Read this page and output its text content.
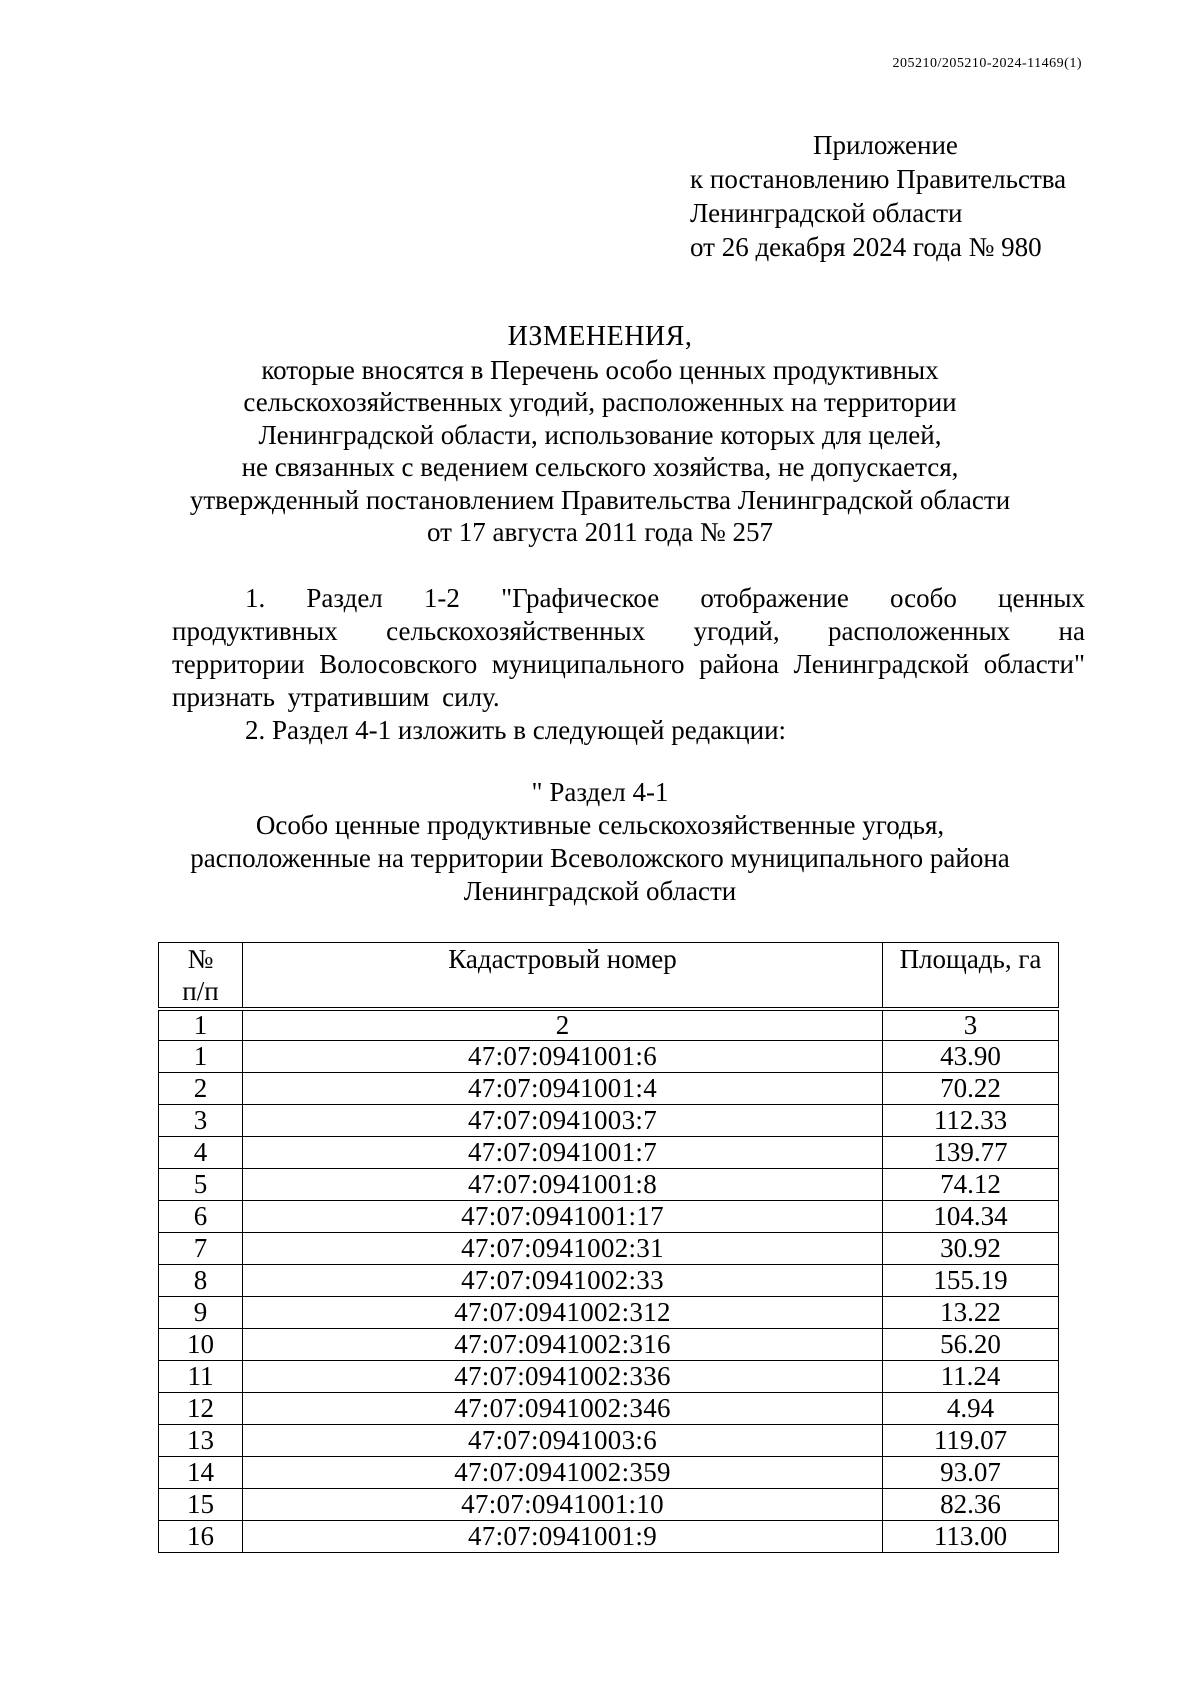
205210/205210-2024-11469(1)
Приложение
к постановлению Правительства
Ленинградской области
от 26 декабря 2024 года № 980
ИЗМЕНЕНИЯ,
которые вносятся в Перечень особо ценных продуктивных
сельскохозяйственных угодий, расположенных на территории
Ленинградской области, использование которых для целей,
не связанных с ведением сельского хозяйства, не допускается,
утвержденный постановлением Правительства Ленинградской области
от 17 августа 2011 года № 257
1. Раздел 1-2 "Графическое отображение особо ценных продуктивных сельскохозяйственных угодий, расположенных на территории Волосовского муниципального района Ленинградской области" признать утратившим силу.
2. Раздел 4-1 изложить в следующей редакции:
" Раздел 4-1
Особо ценные продуктивные сельскохозяйственные угодья,
расположенные на территории Всеволожского муниципального района
Ленинградской области
№
п/п	Кадастровый номер	Площадь, га
1	2	3
1	47:07:0941001:6	43.90
2	47:07:0941001:4	70.22
3	47:07:0941003:7	112.33
4	47:07:0941001:7	139.77
5	47:07:0941001:8	74.12
6	47:07:0941001:17	104.34
7	47:07:0941002:31	30.92
8	47:07:0941002:33	155.19
9	47:07:0941002:312	13.22
10	47:07:0941002:316	56.20
11	47:07:0941002:336	11.24
12	47:07:0941002:346	4.94
13	47:07:0941003:6	119.07
14	47:07:0941002:359	93.07
15	47:07:0941001:10	82.36
16	47:07:0941001:9	113.00
